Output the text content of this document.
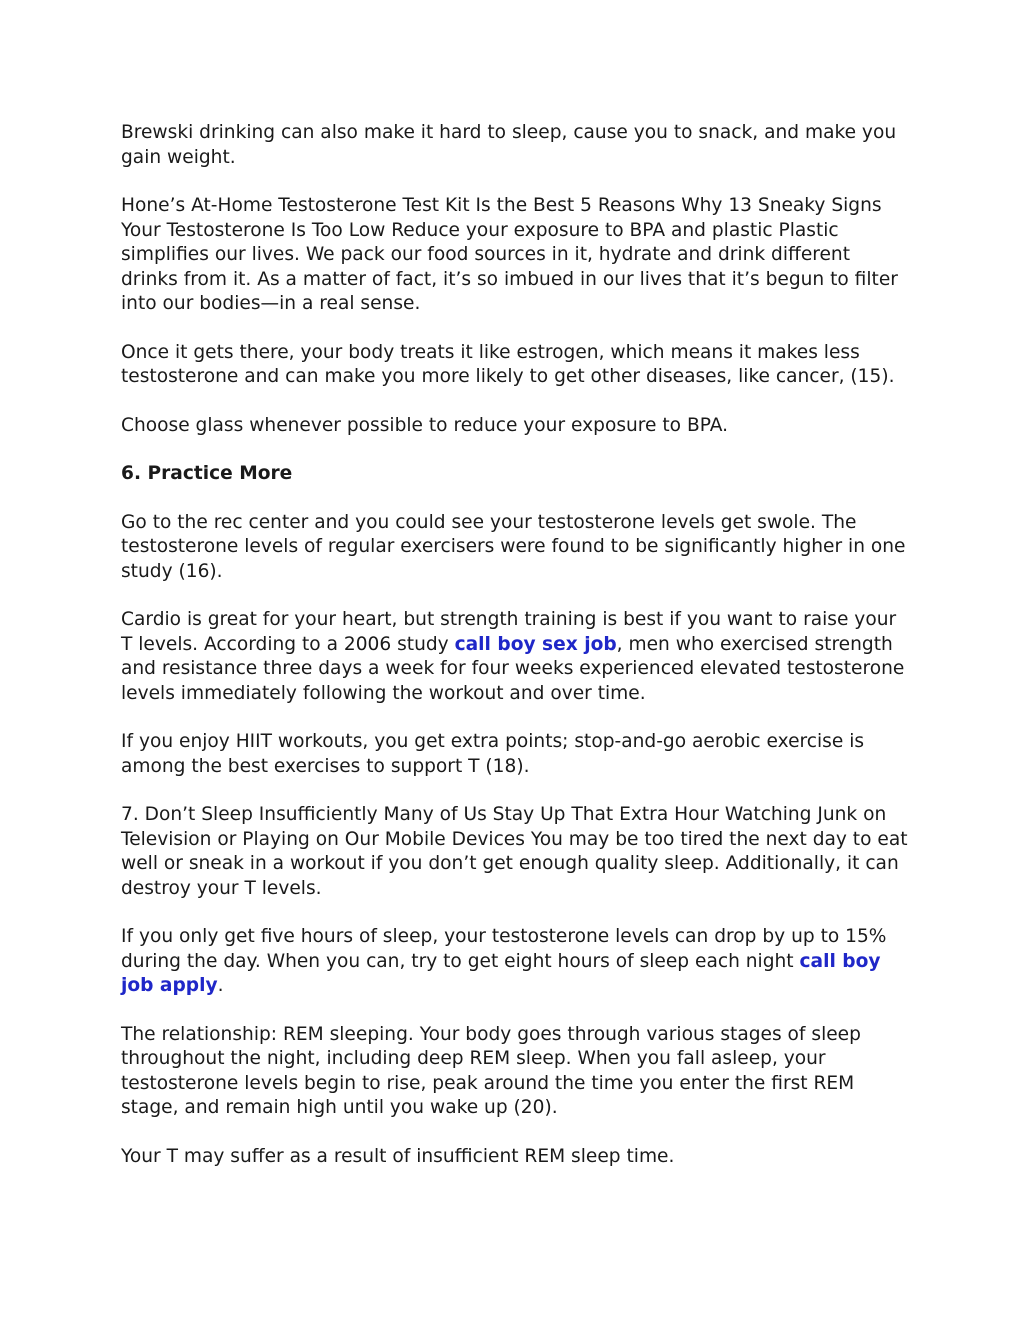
Brewski drinking can also make it hard to sleep, cause you to snack, and make you gain weight.

Hone’s At-Home Testosterone Test Kit Is the Best 5 Reasons Why 13 Sneaky Signs Your Testosterone Is Too Low Reduce your exposure to BPA and plastic Plastic simplifies our lives. We pack our food sources in it, hydrate and drink different drinks from it. As a matter of fact, it’s so imbued in our lives that it’s begun to filter into our bodies—in a real sense.

Once it gets there, your body treats it like estrogen, which means it makes less testosterone and can make you more likely to get other diseases, like cancer, (15).

Choose glass whenever possible to reduce your exposure to BPA.

6. Practice More

Go to the rec center and you could see your testosterone levels get swole. The testosterone levels of regular exercisers were found to be significantly higher in one study (16).

Cardio is great for your heart, but strength training is best if you want to raise your T levels. According to a 2006 study call boy sex job, men who exercised strength and resistance three days a week for four weeks experienced elevated testosterone levels immediately following the workout and over time.

If you enjoy HIIT workouts, you get extra points; stop-and-go aerobic exercise is among the best exercises to support T (18).

7. Don’t Sleep Insufficiently Many of Us Stay Up That Extra Hour Watching Junk on Television or Playing on Our Mobile Devices You may be too tired the next day to eat well or sneak in a workout if you don’t get enough quality sleep. Additionally, it can destroy your T levels.

If you only get five hours of sleep, your testosterone levels can drop by up to 15% during the day. When you can, try to get eight hours of sleep each night call boy job apply.

The relationship: REM sleeping. Your body goes through various stages of sleep throughout the night, including deep REM sleep. When you fall asleep, your testosterone levels begin to rise, peak around the time you enter the first REM stage, and remain high until you wake up (20).

Your T may suffer as a result of insufficient REM sleep time.
